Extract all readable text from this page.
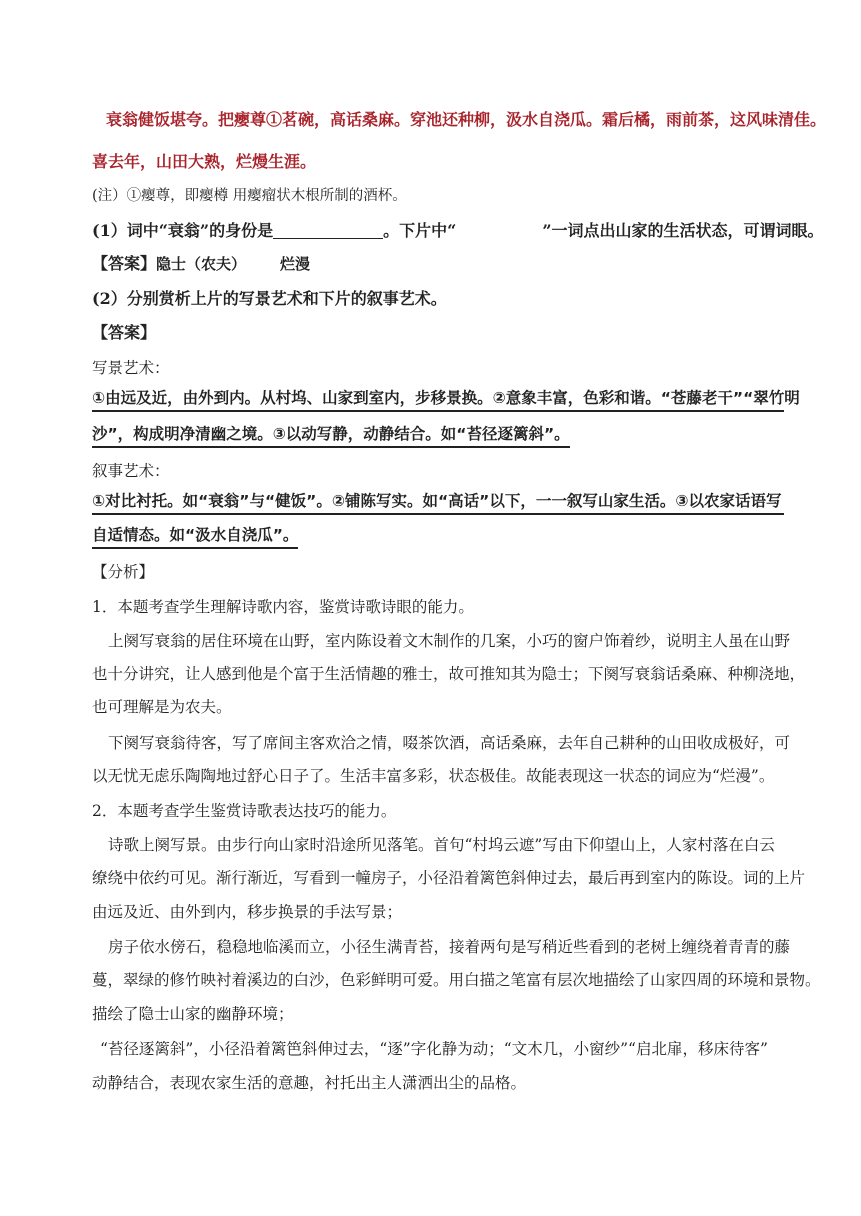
衰翁健饭堪夸。把瘿尊①茗碗，高话桑麻。穿池还种柳，汲水自浇瓜。霜后橘，雨前茶，这风味清佳。
喜去年，山田大熟，烂熳生涯。
(注）①瘿尊，即瘿樽 用瘿瘤状木根所制的酒杯。
(1）词中“衰翁”的身份是	。下片中“	”一词点出山家的生活状态，可谓词眼。
【答案】隐士（农夫） 烂漫
(2）分别赏析上片的写景艺术和下片的叙事艺术。
【答案】
写景艺术：
①由远及近，由外到内。从村坞、山家到室内，步移景换。②意象丰富，色彩和谐。“苍藤老干”“翠竹明
沙”，构成明净清幽之境。③以动写静，动静结合。如“苔径逐篱斜”。
叙事艺术：
①对比衬托。如“衰翁”与“健饭”。②铺陈写实。如“高话”以下，一一叙写山家生活。③以农家话语写
自适情态。如“汲水自浇瓜”。
【分析】
1．本题考查学生理解诗歌内容，鉴赏诗歌诗眼的能力。
上阕写衰翁的居住环境在山野，室内陈设着文木制作的几案，小巧的窗户饰着纱，说明主人虽在山野
也十分讲究，让人感到他是个富于生活情趣的雅士，故可推知其为隐士；下阕写衰翁话桑麻、种柳浇地，
也可理解是为农夫。
下阕写衰翁待客，写了席间主客欢洽之情，啜茶饮酒，高话桑麻，去年自己耕种的山田收成极好，可
以无忧无虑乐陶陶地过舒心日子了。生活丰富多彩，状态极佳。故能表现这一状态的词应为“烂漫”。
2．本题考查学生鉴赏诗歌表达技巧的能力。
诗歌上阕写景。由步行向山家时沿途所见落笔。首句“村坞云遮”写由下仰望山上，人家村落在白云
缭绕中依约可见。渐行渐近，写看到一幢房子，小径沿着篱笆斜伸过去，最后再到室内的陈设。词的上片
由远及近、由外到内，移步换景的手法写景；
房子依水傍石，稳稳地临溪而立，小径生满青苔，接着两句是写稍近些看到的老树上缠绕着青青的藤
蔓，翠绿的修竹映衬着溪边的白沙，色彩鲜明可爱。用白描之笔富有层次地描绘了山家四周的环境和景物。
描绘了隐士山家的幽静环境；
“苔径逐篱斜”，小径沿着篱笆斜伸过去，“逐”字化静为动；“文木几，小窗纱”“启北扉，移床待客”
动静结合，表现农家生活的意趣，衬托出主人潇洒出尘的品格。
